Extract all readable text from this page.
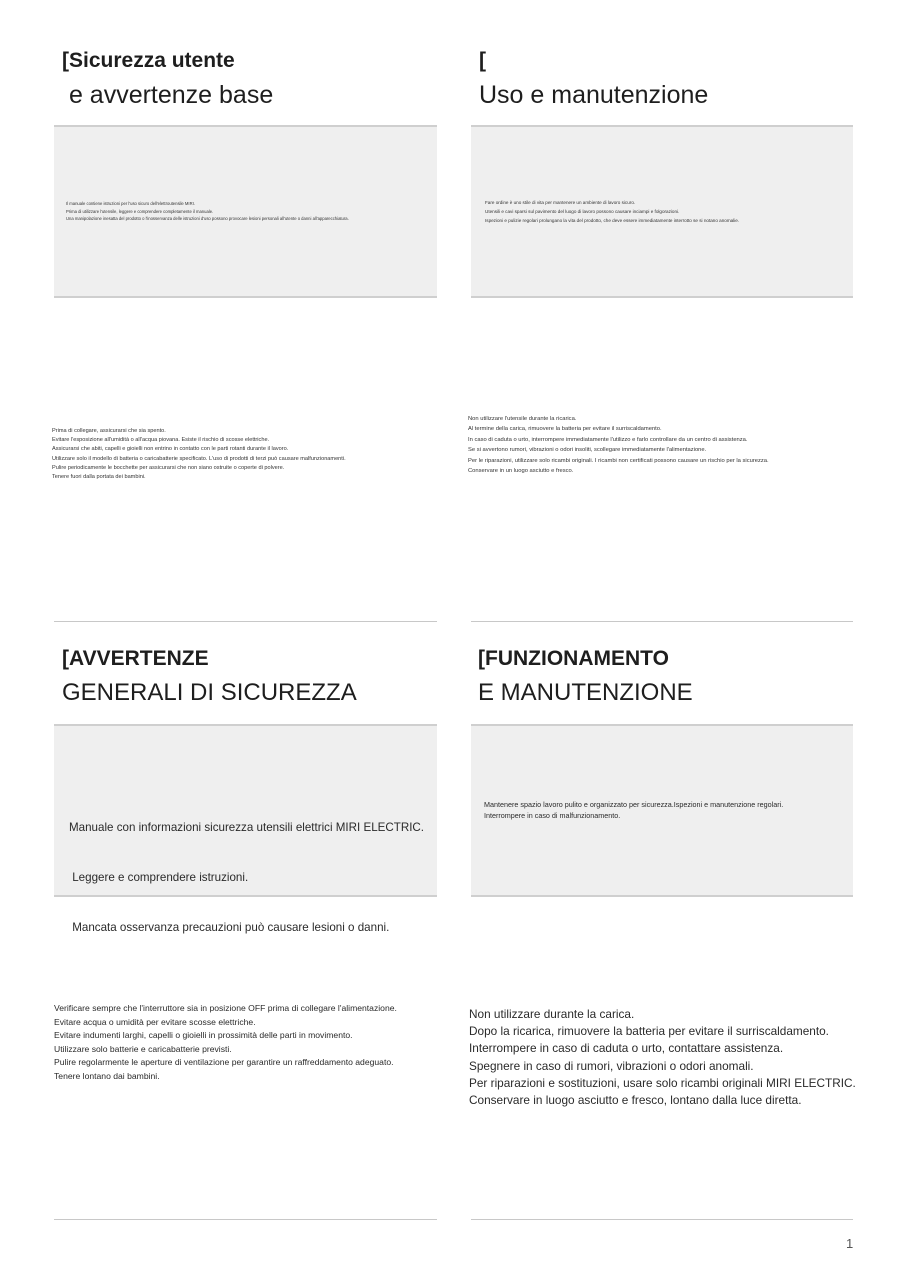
[Sicurezza utente
e avvertenze base
Il manuale contiene istruzioni per l'uso sicuro dell'elettroutensile MIRI.
Prima di utilizzare l'utensile, leggere e comprendere completamente il manuale.
Una manipolazione inesatta del prodotto o l'inosservanza delle istruzioni d'uso possono provocare lesioni personali all'utente o danni all'apparecchiatura.
Prima di collegare, assicurarsi che sia spento.
Evitare l'esposizione all'umidità o all'acqua piovana. Esiste il rischio di scosse elettriche.
Assicurarsi che abiti, capelli e gioielli non entrino in contatto con le parti rotanti durante il lavoro.
Utilizzare solo il modello di batteria o caricabatterie specificato. L'uso di prodotti di terzi può causare malfunzionamenti.
Pulire periodicamente le bocchette per assicurarsi che non siano ostruite o coperte di polvere.
Tenere fuori dalla portata dei bambini.
[
Uso e manutenzione
Fare ordine è uno stile di vita per mantenere un ambiente di lavoro sicuro.
Utensili e cavi sparsi sul pavimento del luogo di lavoro possono causare inciampi e folgorazioni.
Ispezioni e pulizie regolari prolungano la vita del prodotto, che deve essere immediatamente interrotto se si notano anomalie.
Non utilizzare l'utensile durante la ricarica.
Al termine della carica, rimuovere la batteria per evitare il surriscaldamento.
In caso di caduta o urto, interrompere immediatamente l'utilizzo e farlo controllare da un centro di assistenza.
Se si avvertono rumori, vibrazioni o odori insoliti, scollegare immediatamente l'alimentazione.
Per le riparazioni, utilizzare solo ricambi originali. I ricambi non certificati possono causare un rischio per la sicurezza.
Conservare in un luogo asciutto e fresco.
[AVVERTENZE
GENERALI DI SICUREZZA

Manuale con informazioni sicurezza utensili elettrici MIRI ELECTRIC.

Leggere e comprendere istruzioni.

Mancata osservanza precauzioni può causare lesioni o danni.

Verificare sempre che l'interruttore sia in posizione OFF prima di collegare l'alimentazione.
Evitare acqua o umidità per evitare scosse elettriche.
Evitare indumenti larghi, capelli o gioielli in prossimità delle parti in movimento.
Utilizzare solo batterie e caricabatterie previsti.
Pulire regolarmente le aperture di ventilazione per garantire un raffreddamento adeguato.
Tenere lontano dai bambini.
[FUNZIONAMENTO
E MANUTENZIONE
Mantenere spazio lavoro pulito e organizzato per sicurezza.Ispezioni e manutenzione regolari.
Interrompere in caso di malfunzionamento.
Non utilizzare durante la carica.
Dopo la ricarica, rimuovere la batteria per evitare il surriscaldamento.
Interrompere in caso di caduta o urto, contattare assistenza.
Spegnere in caso di rumori, vibrazioni o odori anomali.
Per riparazioni e sostituzioni, usare solo ricambi originali MIRI ELECTRIC.
Conservare in luogo asciutto e fresco, lontano dalla luce diretta.
1
